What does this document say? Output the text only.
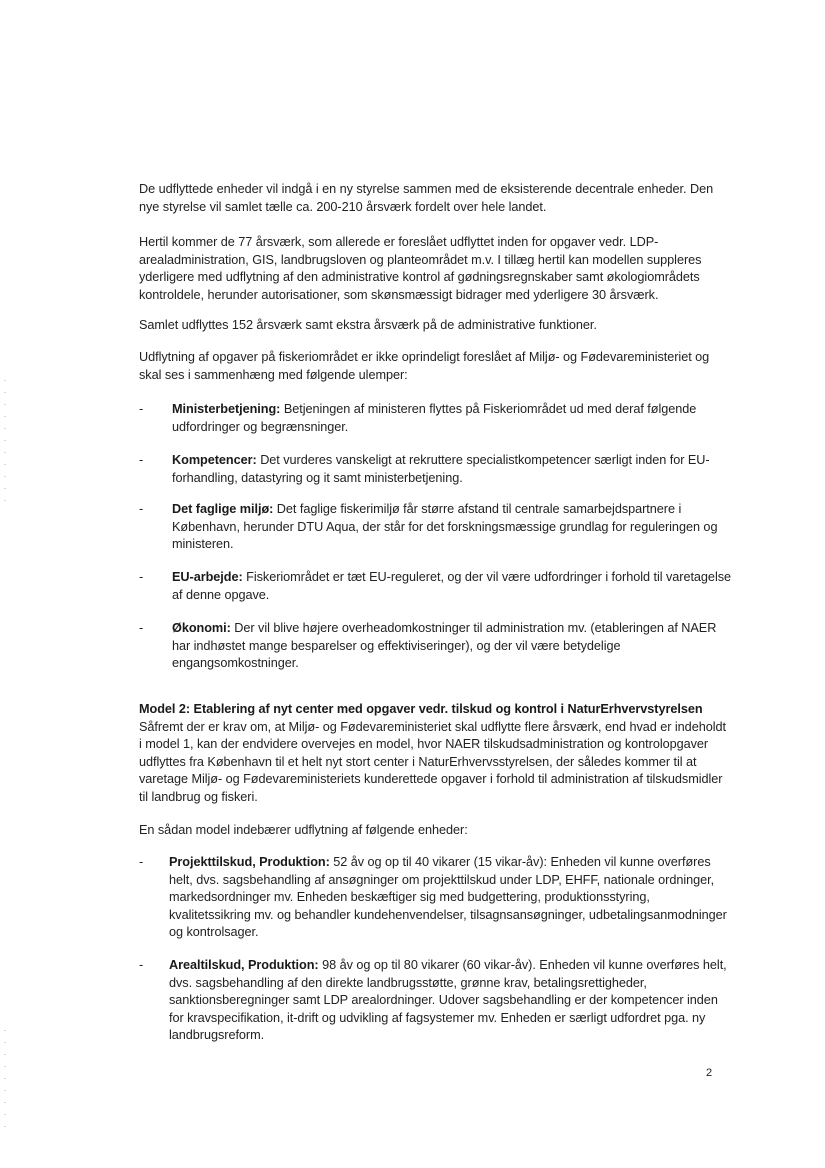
De udflyttede enheder vil indgå i en ny styrelse sammen med de eksisterende decentrale enheder. Den nye styrelse vil samlet tælle ca. 200-210 årsværk fordelt over hele landet.

Hertil kommer de 77 årsværk, som allerede er foreslået udflyttet inden for opgaver vedr. LDP-arealadministration, GIS, landbrugsloven og planteområdet m.v. I tillæg hertil kan modellen suppleres yderligere med udflytning af den administrative kontrol af gødningsregnskaber samt økologiområdets kontroldele, herunder autorisationer, som skønsmæssigt bidrager med yderligere 30 årsværk.

Samlet udflyttes 152 årsværk samt ekstra årsværk på de administrative funktioner.

Udflytning af opgaver på fiskeriområdet er ikke oprindeligt foreslået af Miljø- og Fødevareministeriet og skal ses i sammenhæng med følgende ulemper:

-	Ministerbetjening: Betjeningen af ministeren flyttes på Fiskeriområdet ud med deraf følgende udfordringer og begrænsninger.
-	Kompetencer: Det vurderes vanskeligt at rekruttere specialistkompetencer særligt inden for EU-forhandling, datastyring og it samt ministerbetjening.
-	Det faglige miljø: Det faglige fiskerimiljø får større afstand til centrale samarbejdspartnere i København, herunder DTU Aqua, der står for det forskningsmæssige grundlag for reguleringen og ministeren.
-	EU-arbejde: Fiskeriområdet er tæt EU-reguleret, og der vil være udfordringer i forhold til varetagelse af denne opgave.
-	Økonomi: Der vil blive højere overheadomkostninger til administration mv. (etableringen af NAER har indhøstet mange besparelser og effektiviseringer), og der vil være betydelige engangsomkostninger.
Model 2: Etablering af nyt center med opgaver vedr. tilskud og kontrol i NaturErhvervstyrelsen
Såfremt der er krav om, at Miljø- og Fødevareministeriet skal udflytte flere årsværk, end hvad er indeholdt i model 1, kan der endvidere overvejes en model, hvor NAER tilskudsadministration og kontrolopgaver udflyttes fra København til et helt nyt stort center i NaturErhvervsstyrelsen, der således kommer til at varetage Miljø- og Fødevareministeriets kunderettede opgaver i forhold til administration af tilskudsmidler til landbrug og fiskeri.

En sådan model indebærer udflytning af følgende enheder:

-	Projekttilskud, Produktion: 52 åv og op til 40 vikarer (15 vikar-åv): Enheden vil kunne overføres helt, dvs. sagsbehandling af ansøgninger om projekttilskud under LDP, EHFF, nationale ordninger, markedsordninger mv. Enheden beskæftiger sig med budgettering, produktionsstyring, kvalitetssikring mv. og behandler kundehenvendelser, tilsagnsansøgninger, udbetalingsanmodninger og kontrolsager.
-	Arealtilskud, Produktion: 98 åv og op til 80 vikarer (60 vikar-åv). Enheden vil kunne overføres helt, dvs. sagsbehandling af den direkte landbrugsstøtte, grønne krav, betalingsrettigheder, sanktionsberegninger samt LDP arealordninger. Udover sagsbehandling er der kompetencer inden for kravspecifikation, it-drift og udvikling af fagsystemer mv. Enheden er særligt udfordret pga. ny landbrugsreform.
2
